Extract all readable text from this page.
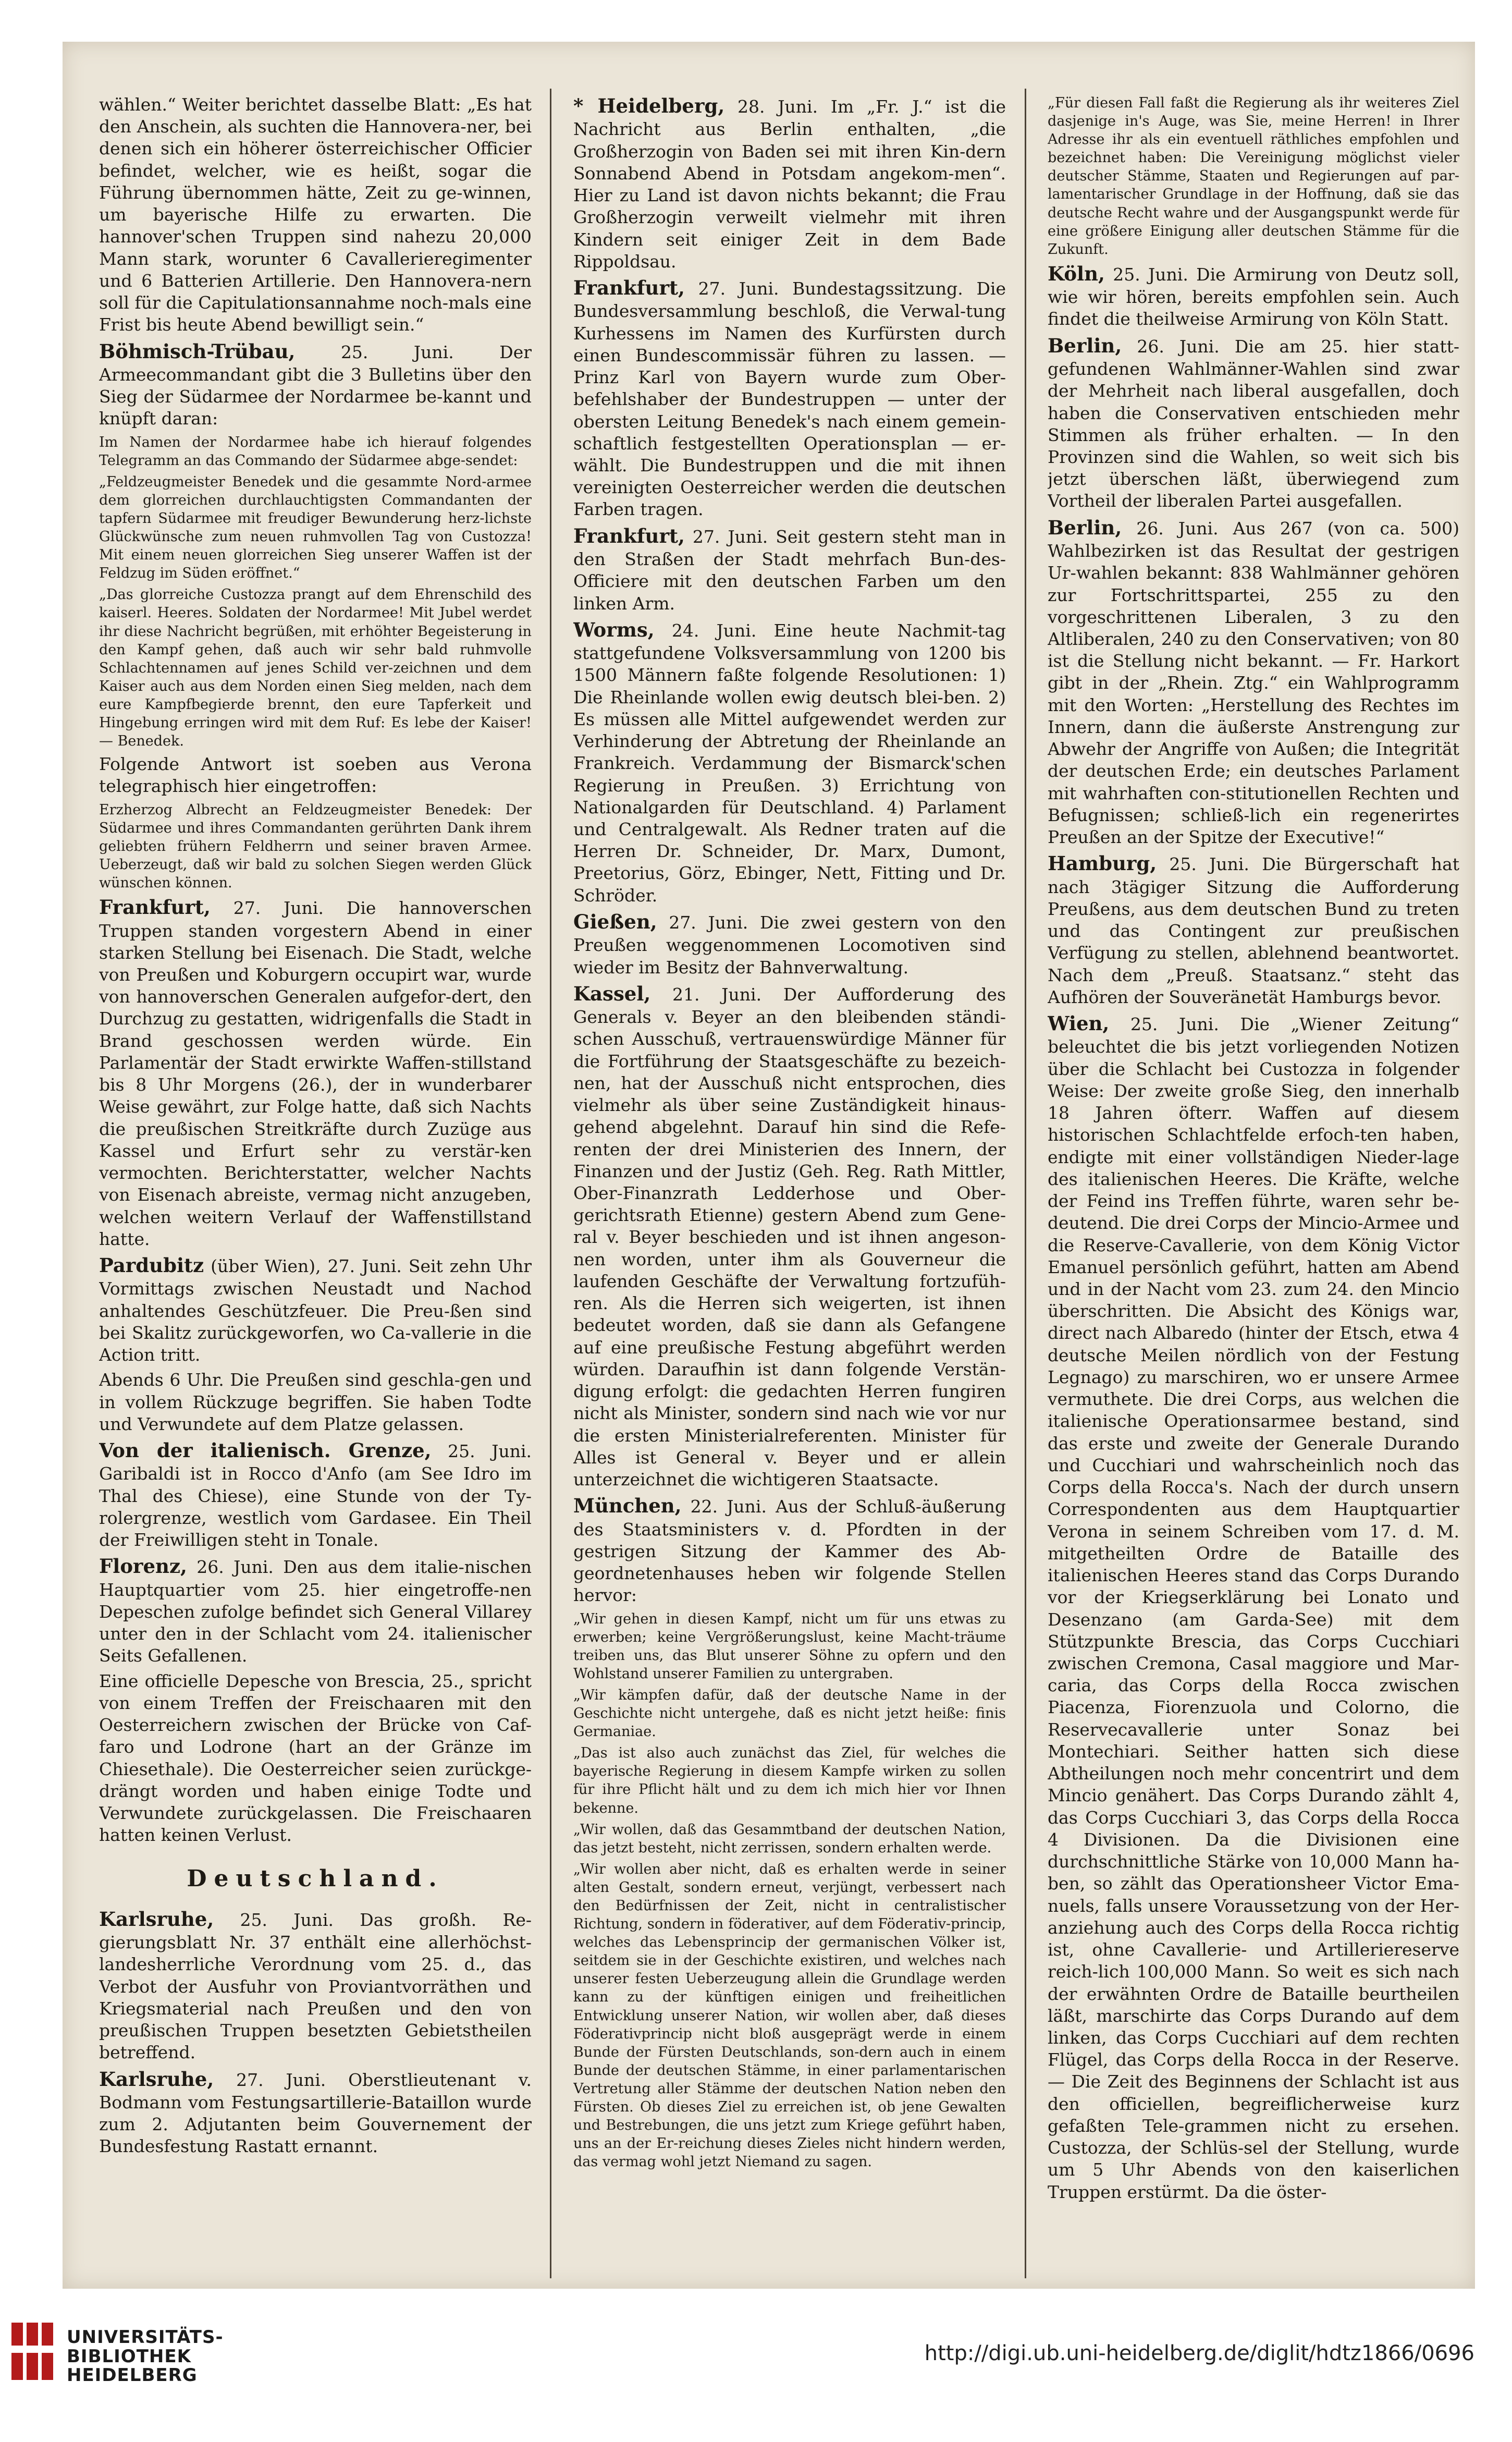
wählen.“ Weiter berichtet dasselbe Blatt: „Es hat den Anschein, als suchten die Hannovera-ner, bei denen sich ein höherer österreichischer Officier befindet, welcher, wie es heißt, sogar die Führung übernommen hätte, Zeit zu ge-winnen, um bayerische Hilfe zu erwarten. Die hannover'schen Truppen sind nahezu 20,000 Mann stark, worunter 6 Cavallerieregimenter und 6 Batterien Artillerie. Den Hannovera-nern soll für die Capitulationsannahme noch-mals eine Frist bis heute Abend bewilligt sein.“

Böhmisch-Trübau, 25. Juni. Der Armeecommandant gibt die 3 Bulletins über den Sieg der Südarmee der Nordarmee be-kannt und knüpft daran:

Im Namen der Nordarmee habe ich hierauf folgendes Telegramm an das Commando der Südarmee abge-sendet:

„Feldzeugmeister Benedek und die gesammte Nord-armee dem glorreichen durchlauchtigsten Commandanten der tapfern Südarmee mit freudiger Bewunderung herz-lichste Glückwünsche zum neuen ruhmvollen Tag von Custozza! Mit einem neuen glorreichen Sieg unserer Waffen ist der Feldzug im Süden eröffnet.“

„Das glorreiche Custozza prangt auf dem Ehrenschild des kaiserl. Heeres. Soldaten der Nordarmee! Mit Jubel werdet ihr diese Nachricht begrüßen, mit erhöhter Begeisterung in den Kampf gehen, daß auch wir sehr bald ruhmvolle Schlachtennamen auf jenes Schild ver-zeichnen und dem Kaiser auch aus dem Norden einen Sieg melden, nach dem eure Kampfbegierde brennt, den eure Tapferkeit und Hingebung erringen wird mit dem Ruf: Es lebe der Kaiser! — Benedek.

Folgende Antwort ist soeben aus Verona telegraphisch hier eingetroffen:

Erzherzog Albrecht an Feldzeugmeister Benedek: Der Südarmee und ihres Commandanten gerührten Dank ihrem geliebten frühern Feldherrn und seiner braven Armee. Ueberzeugt, daß wir bald zu solchen Siegen werden Glück wünschen können.

Frankfurt, 27. Juni. Die hannoverschen Truppen standen vorgestern Abend in einer starken Stellung bei Eisenach. Die Stadt, welche von Preußen und Koburgern occupirt war, wurde von hannoverschen Generalen aufgefor-dert, den Durchzug zu gestatten, widrigenfalls die Stadt in Brand geschossen werden würde. Ein Parlamentär der Stadt erwirkte Waffen-stillstand bis 8 Uhr Morgens (26.), der in wunderbarer Weise gewährt, zur Folge hatte, daß sich Nachts die preußischen Streitkräfte durch Zuzüge aus Kassel und Erfurt sehr zu verstär-ken vermochten. Berichterstatter, welcher Nachts von Eisenach abreiste, vermag nicht anzugeben, welchen weitern Verlauf der Waffenstillstand hatte.

Pardubitz (über Wien), 27. Juni. Seit zehn Uhr Vormittags zwischen Neustadt und Nachod anhaltendes Geschützfeuer. Die Preu-ßen sind bei Skalitz zurückgeworfen, wo Ca-vallerie in die Action tritt.

Abends 6 Uhr. Die Preußen sind geschla-gen und in vollem Rückzuge begriffen. Sie haben Todte und Verwundete auf dem Platze gelassen.

Von der italienisch. Grenze, 25. Juni. Garibaldi ist in Rocco d'Anfo (am See Idro im Thal des Chiese), eine Stunde von der Ty-rolergrenze, westlich vom Gardasee. Ein Theil der Freiwilligen steht in Tonale.

Florenz, 26. Juni. Den aus dem italie-nischen Hauptquartier vom 25. hier eingetroffe-nen Depeschen zufolge befindet sich General Villarey unter den in der Schlacht vom 24. italienischer Seits Gefallenen.

Eine officielle Depesche von Brescia, 25., spricht von einem Treffen der Freischaaren mit den Oesterreichern zwischen der Brücke von Caf-faro und Lodrone (hart an der Gränze im Chiesethale). Die Oesterreicher seien zurückge-drängt worden und haben einige Todte und Verwundete zurückgelassen. Die Freischaaren hatten keinen Verlust.

Deutschland.

Karlsruhe, 25. Juni. Das großh. Re-gierungsblatt Nr. 37 enthält eine allerhöchst-landesherrliche Verordnung vom 25. d., das Verbot der Ausfuhr von Proviantvorräthen und Kriegsmaterial nach Preußen und den von preußischen Truppen besetzten Gebietstheilen betreffend.

Karlsruhe, 27. Juni. Oberstlieutenant v. Bodmann vom Festungsartillerie-Bataillon wurde zum 2. Adjutanten beim Gouvernement der Bundesfestung Rastatt ernannt.

* Heidelberg, 28. Juni. Im „Fr. J.“ ist die Nachricht aus Berlin enthalten, „die Großherzogin von Baden sei mit ihren Kin-dern Sonnabend Abend in Potsdam angekom-men“. Hier zu Land ist davon nichts bekannt; die Frau Großherzogin verweilt vielmehr mit ihren Kindern seit einiger Zeit in dem Bade Rippoldsau.

Frankfurt, 27. Juni. Bundestagssitzung. Die Bundesversammlung beschloß, die Verwal-tung Kurhessens im Namen des Kurfürsten durch einen Bundescommissär führen zu lassen. — Prinz Karl von Bayern wurde zum Ober-befehlshaber der Bundestruppen — unter der obersten Leitung Benedek's nach einem gemein-schaftlich festgestellten Operationsplan — er-wählt. Die Bundestruppen und die mit ihnen vereinigten Oesterreicher werden die deutschen Farben tragen.

Frankfurt, 27. Juni. Seit gestern steht man in den Straßen der Stadt mehrfach Bun-des-Officiere mit den deutschen Farben um den linken Arm.

Worms, 24. Juni. Eine heute Nachmit-tag stattgefundene Volksversammlung von 1200 bis 1500 Männern faßte folgende Resolutionen: 1) Die Rheinlande wollen ewig deutsch blei-ben. 2) Es müssen alle Mittel aufgewendet werden zur Verhinderung der Abtretung der Rheinlande an Frankreich. Verdammung der Bismarck'schen Regierung in Preußen. 3) Errichtung von Nationalgarden für Deutschland. 4) Parlament und Centralgewalt. Als Redner traten auf die Herren Dr. Schneider, Dr. Marx, Dumont, Preetorius, Görz, Ebinger, Nett, Fitting und Dr. Schröder.

Gießen, 27. Juni. Die zwei gestern von den Preußen weggenommenen Locomotiven sind wieder im Besitz der Bahnverwaltung.

Kassel, 21. Juni. Der Aufforderung des Generals v. Beyer an den bleibenden ständi-schen Ausschuß, vertrauenswürdige Männer für die Fortführung der Staatsgeschäfte zu bezeich-nen, hat der Ausschuß nicht entsprochen, dies vielmehr als über seine Zuständigkeit hinaus-gehend abgelehnt. Darauf hin sind die Refe-renten der drei Ministerien des Innern, der Finanzen und der Justiz (Geh. Reg. Rath Mittler, Ober-Finanzrath Ledderhose und Ober-gerichtsrath Etienne) gestern Abend zum Gene-ral v. Beyer beschieden und ist ihnen angeson-nen worden, unter ihm als Gouverneur die laufenden Geschäfte der Verwaltung fortzufüh-ren. Als die Herren sich weigerten, ist ihnen bedeutet worden, daß sie dann als Gefangene auf eine preußische Festung abgeführt werden würden. Daraufhin ist dann folgende Verstän-digung erfolgt: die gedachten Herren fungiren nicht als Minister, sondern sind nach wie vor nur die ersten Ministerialreferenten. Minister für Alles ist General v. Beyer und er allein unterzeichnet die wichtigeren Staatsacte.

München, 22. Juni. Aus der Schluß-äußerung des Staatsministers v. d. Pfordten in der gestrigen Sitzung der Kammer des Ab-geordnetenhauses heben wir folgende Stellen hervor:

„Wir gehen in diesen Kampf, nicht um für uns etwas zu erwerben; keine Vergrößerungslust, keine Macht-träume treiben uns, das Blut unserer Söhne zu opfern und den Wohlstand unserer Familien zu untergraben.

„Wir kämpfen dafür, daß der deutsche Name in der Geschichte nicht untergehe, daß es nicht jetzt heiße: finis Germaniae.

„Das ist also auch zunächst das Ziel, für welches die bayerische Regierung in diesem Kampfe wirken zu sollen für ihre Pflicht hält und zu dem ich mich hier vor Ihnen bekenne.

„Wir wollen, daß das Gesammtband der deutschen Nation, das jetzt besteht, nicht zerrissen, sondern erhalten werde.

„Wir wollen aber nicht, daß es erhalten werde in seiner alten Gestalt, sondern erneut, verjüngt, verbessert nach den Bedürfnissen der Zeit, nicht in centralistischer Richtung, sondern in föderativer, auf dem Föderativ-princip, welches das Lebensprincip der germanischen Völker ist, seitdem sie in der Geschichte existiren, und welches nach unserer festen Ueberzeugung allein die Grundlage werden kann zu der künftigen einigen und freiheitlichen Entwicklung unserer Nation, wir wollen aber, daß dieses Föderativprincip nicht bloß ausgeprägt werde in einem Bunde der Fürsten Deutschlands, son-dern auch in einem Bunde der deutschen Stämme, in einer parlamentarischen Vertretung aller Stämme der deutschen Nation neben den Fürsten. Ob dieses Ziel zu erreichen ist, ob jene Gewalten und Bestrebungen, die uns jetzt zum Kriege geführt haben, uns an der Er-reichung dieses Zieles nicht hindern werden, das vermag wohl jetzt Niemand zu sagen.

„Für diesen Fall faßt die Regierung als ihr weiteres Ziel dasjenige in's Auge, was Sie, meine Herren! in Ihrer Adresse ihr als ein eventuell räthliches empfohlen und bezeichnet haben: Die Vereinigung möglichst vieler deutscher Stämme, Staaten und Regierungen auf par-lamentarischer Grundlage in der Hoffnung, daß sie das deutsche Recht wahre und der Ausgangspunkt werde für eine größere Einigung aller deutschen Stämme für die Zukunft.

Köln, 25. Juni. Die Armirung von Deutz soll, wie wir hören, bereits empfohlen sein. Auch findet die theilweise Armirung von Köln Statt.

Berlin, 26. Juni. Die am 25. hier statt-gefundenen Wahlmänner-Wahlen sind zwar der Mehrheit nach liberal ausgefallen, doch haben die Conservativen entschieden mehr Stimmen als früher erhalten. — In den Provinzen sind die Wahlen, so weit sich bis jetzt überschen läßt, überwiegend zum Vortheil der liberalen Partei ausgefallen.

Berlin, 26. Juni. Aus 267 (von ca. 500) Wahlbezirken ist das Resultat der gestrigen Ur-wahlen bekannt: 838 Wahlmänner gehören zur Fortschrittspartei, 255 zu den vorgeschrittenen Liberalen, 3 zu den Altliberalen, 240 zu den Conservativen; von 80 ist die Stellung nicht bekannt. — Fr. Harkort gibt in der „Rhein. Ztg.“ ein Wahlprogramm mit den Worten: „Herstellung des Rechtes im Innern, dann die äußerste Anstrengung zur Abwehr der Angriffe von Außen; die Integrität der deutschen Erde; ein deutsches Parlament mit wahrhaften con-stitutionellen Rechten und Befugnissen; schließ-lich ein regenerirtes Preußen an der Spitze der Executive!“

Hamburg, 25. Juni. Die Bürgerschaft hat nach 3tägiger Sitzung die Aufforderung Preußens, aus dem deutschen Bund zu treten und das Contingent zur preußischen Verfügung zu stellen, ablehnend beantwortet. Nach dem „Preuß. Staatsanz.“ steht das Aufhören der Souveränetät Hamburgs bevor.

Wien, 25. Juni. Die „Wiener Zeitung“ beleuchtet die bis jetzt vorliegenden Notizen über die Schlacht bei Custozza in folgender Weise: Der zweite große Sieg, den innerhalb 18 Jahren öfterr. Waffen auf diesem historischen Schlachtfelde erfoch-ten haben, endigte mit einer vollständigen Nieder-lage des italienischen Heeres. Die Kräfte, welche der Feind ins Treffen führte, waren sehr be-deutend. Die drei Corps der Mincio-Armee und die Reserve-Cavallerie, von dem König Victor Emanuel persönlich geführt, hatten am Abend und in der Nacht vom 23. zum 24. den Mincio überschritten. Die Absicht des Königs war, direct nach Albaredo (hinter der Etsch, etwa 4 deutsche Meilen nördlich von der Festung Legnago) zu marschiren, wo er unsere Armee vermuthete. Die drei Corps, aus welchen die italienische Operationsarmee bestand, sind das erste und zweite der Generale Durando und Cucchiari und wahrscheinlich noch das Corps della Rocca's. Nach der durch unsern Correspondenten aus dem Hauptquartier Verona in seinem Schreiben vom 17. d. M. mitgetheilten Ordre de Bataille des italienischen Heeres stand das Corps Durando vor der Kriegserklärung bei Lonato und Desenzano (am Garda-See) mit dem Stützpunkte Brescia, das Corps Cucchiari zwischen Cremona, Casal maggiore und Mar-caria, das Corps della Rocca zwischen Piacenza, Fiorenzuola und Colorno, die Reservecavallerie unter Sonaz bei Montechiari. Seither hatten sich diese Abtheilungen noch mehr concentrirt und dem Mincio genähert. Das Corps Durando zählt 4, das Corps Cucchiari 3, das Corps della Rocca 4 Divisionen. Da die Divisionen eine durchschnittliche Stärke von 10,000 Mann ha-ben, so zählt das Operationsheer Victor Ema-nuels, falls unsere Voraussetzung von der Her-anziehung auch des Corps della Rocca richtig ist, ohne Cavallerie- und Artilleriereserve reich-lich 100,000 Mann. So weit es sich nach der erwähnten Ordre de Bataille beurtheilen läßt, marschirte das Corps Durando auf dem linken, das Corps Cucchiari auf dem rechten Flügel, das Corps della Rocca in der Reserve. — Die Zeit des Beginnens der Schlacht ist aus den officiellen, begreiflicherweise kurz gefaßten Tele-grammen nicht zu ersehen. Custozza, der Schlüs-sel der Stellung, wurde um 5 Uhr Abends von den kaiserlichen Truppen erstürmt. Da die öster-

UNIVERSITÄTS-
BIBLIOTHEK
HEIDELBERG
http://digi.ub.uni-heidelberg.de/diglit/hdtz1866/0696
